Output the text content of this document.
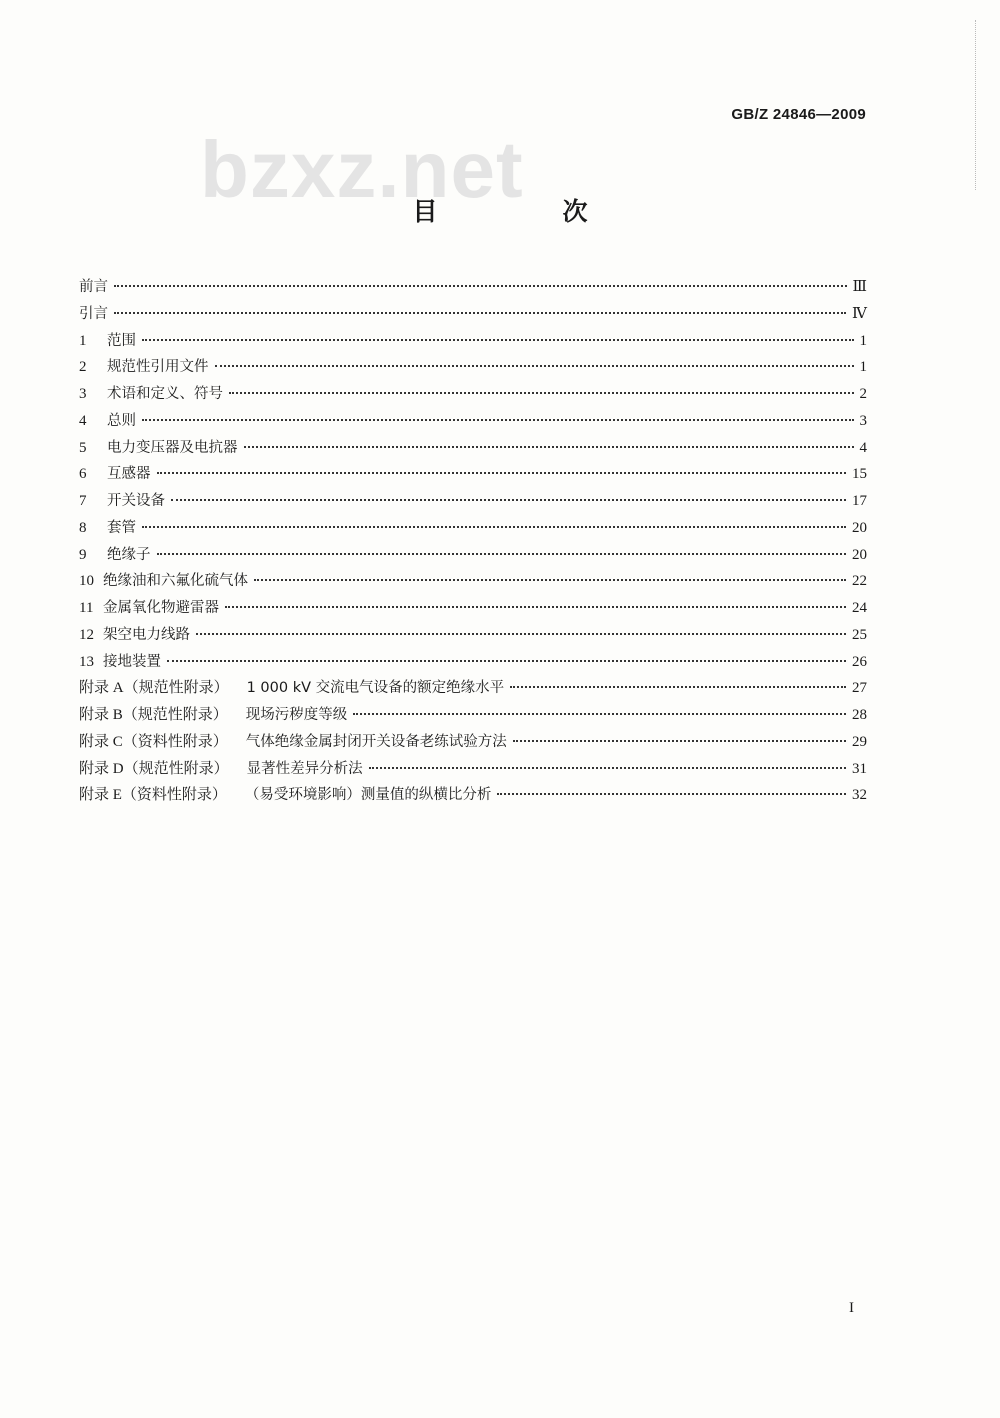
GB/Z 24846—2009
bzxz.net
目　次
前言	Ⅲ
引言	Ⅳ
1	范围	1
2	规范性引用文件	1
3	术语和定义、符号	2
4	总则	3
5	电力变压器及电抗器	4
6	互感器	15
7	开关设备	17
8	套管	20
9	绝缘子	20
10 绝缘油和六氟化硫气体	22
11 金属氧化物避雷器	24
12 架空电力线路	25
13 接地装置	26
附录 A（规范性附录） 1 000 kV 交流电气设备的额定绝缘水平	27
附录 B（规范性附录） 现场污秽度等级	28
附录 C（资料性附录） 气体绝缘金属封闭开关设备老练试验方法	29
附录 D（规范性附录） 显著性差异分析法	31
附录 E（资料性附录） （易受环境影响）测量值的纵横比分析	32
I
